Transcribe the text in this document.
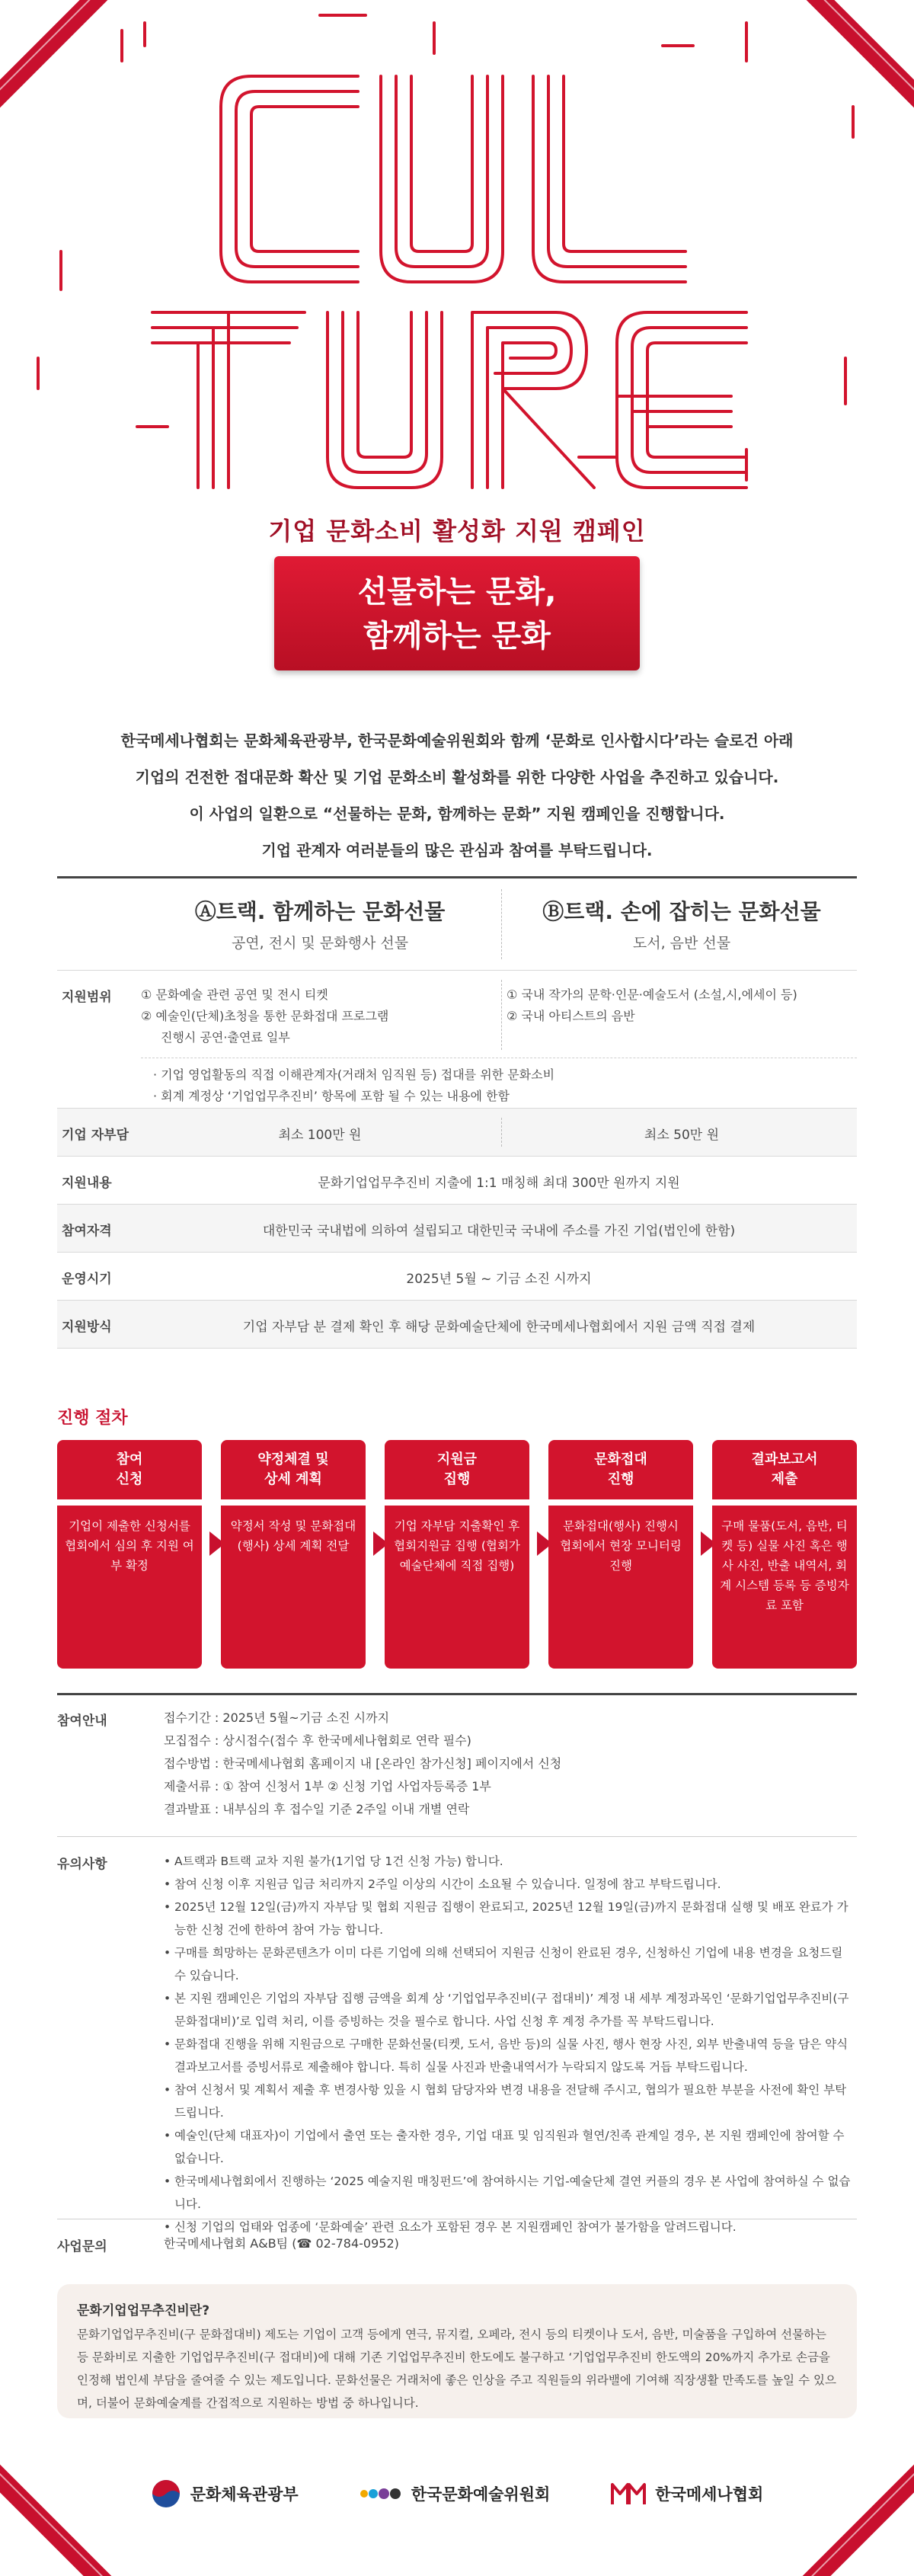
기업 문화소비 활성화 지원 캠페인
선물하는 문화,
함께하는 문화
한국메세나협회는 문화체육관광부, 한국문화예술위원회와 함께 ‘문화로 인사합시다’라는 슬로건 아래
기업의 건전한 접대문화 확산 및 기업 문화소비 활성화를 위한 다양한 사업을 추진하고 있습니다.
이 사업의 일환으로 “선물하는 문화, 함께하는 문화” 지원 캠페인을 진행합니다.
기업 관계자 여러분들의 많은 관심과 참여를 부탁드립니다.
Ⓐ트랙. 함께하는 문화선물
공연, 전시 및 문화행사 선물
Ⓑ트랙. 손에 잡히는 문화선물
도서, 음반 선물
지원범위	① 문화예술 관련 공연 및 전시 티켓
② 예술인(단체)초청을 통한 문화접대 프로그램
진행시 공연·출연료 일부
① 국내 작가의 문학·인문·예술도서 (소설,시,에세이 등)
② 국내 아티스트의 음반
· 기업 영업활동의 직접 이해관계자(거래처 임직원 등) 접대를 위한 문화소비
· 회계 계정상 ‘기업업무추진비’ 항목에 포함 될 수 있는 내용에 한함
기업 자부담	최소 100만 원	최소 50만 원
지원내용	문화기업업무추진비 지출에 1:1 매칭해 최대 300만 원까지 지원
참여자격	대한민국 국내법에 의하여 설립되고 대한민국 국내에 주소를 가진 기업(법인에 한함)
운영시기	2025년 5월 ~ 기금 소진 시까지
지원방식	기업 자부담 분 결제 확인 후 해당 문화예술단체에 한국메세나협회에서 지원 금액 직접 결제
진행 절차
참여
신청
기업이 제출한 신청서를 협회에서 심의 후 지원 여부 확정
약정체결 및
상세 계획
약정서 작성 및 문화접대(행사) 상세 계획 전달
지원금
집행
기업 자부담 지출확인 후 협회지원금 집행 (협회가 예술단체에 직접 집행)
문화접대
진행
문화접대(행사) 진행시 협회에서 현장 모니터링 진행
결과보고서
제출
구매 물품(도서, 음반, 티켓 등) 실물 사진 혹은 행사 사진, 반출 내역서, 회계 시스템 등록 등 증빙자료 포함
참여안내	접수기간 : 2025년 5월~기금 소진 시까지
모집접수 : 상시접수(접수 후 한국메세나협회로 연락 필수)
접수방법 : 한국메세나협회 홈페이지 내 [온라인 참가신청] 페이지에서 신청
제출서류 : ① 참여 신청서 1부 ② 신청 기업 사업자등록증 1부
결과발표 : 내부심의 후 접수일 기준 2주일 이내 개별 연락
유의사항
•	A트랙과 B트랙 교차 지원 불가(1기업 당 1건 신청 가능) 합니다.
• 참여 신청 이후 지원금 입금 처리까지 2주일 이상의 시간이 소요될 수 있습니다. 일정에 참고 부탁드립니다.
• 2025년 12월 12일(금)까지 자부담 및 협회 지원금 집행이 완료되고, 2025년 12월 19일(금)까지 문화접대 실행 및 배포 완료가 가능한 신청 건에 한하여 참여 가능 합니다.
• 구매를 희망하는 문화콘텐츠가 이미 다른 기업에 의해 선택되어 지원금 신청이 완료된 경우, 신청하신 기업에 내용 변경을 요청드릴 수 있습니다.
• 본 지원 캠페인은 기업의 자부담 집행 금액을 회계 상 ‘기업업무추진비(구 접대비)’ 계정 내 세부 계정과목인 ‘문화기업업무추진비(구 문화접대비)’로 입력 처리, 이를 증빙하는 것을 필수로 합니다. 사업 신청 후 계정 추가를 꼭 부탁드립니다.
• 문화접대 진행을 위해 지원금으로 구매한 문화선물(티켓, 도서, 음반 등)의 실물 사진, 행사 현장 사진, 외부 반출내역 등을 담은 약식 결과보고서를 증빙서류로 제출해야 합니다. 특히 실물 사진과 반출내역서가 누락되지 않도록 거듭 부탁드립니다.
• 참여 신청서 및 계획서 제출 후 변경사항 있을 시 협회 담당자와 변경 내용을 전달해 주시고, 협의가 필요한 부분을 사전에 확인 부탁드립니다.
• 예술인(단체 대표자)이 기업에서 출연 또는 출자한 경우, 기업 대표 및 임직원과 혈연/친족 관계일 경우, 본 지원 캠페인에 참여할 수 없습니다.
• 한국메세나협회에서 진행하는 ‘2025 예술지원 매칭펀드’에 참여하시는 기업-예술단체 결연 커플의 경우 본 사업에 참여하실 수 없습니다.
• 신청 기업의 업태와 업종에 ‘문화예술’ 관련 요소가 포함된 경우 본 지원캠페인 참여가 불가함을 알려드립니다.
사업문의	한국메세나협회 A&B팀 (☎ 02-784-0952)
문화기업업무추진비란?
문화기업업무추진비(구 문화접대비) 제도는 기업이 고객 등에게 연극, 뮤지컬, 오페라, 전시 등의 티켓이나 도서, 음반, 미술품을 구입하여 선물하는 등 문화비로 지출한 기업업무추진비(구 접대비)에 대해 기존 기업업무추진비 한도에도 불구하고 ‘기업업무추진비 한도액의 20%까지 추가로 손금을 인정해 법인세 부담을 줄여줄 수 있는 제도입니다. 문화선물은 거래처에 좋은 인상을 주고 직원들의 위라밸에 기여해 직장생활 만족도를 높일 수 있으며, 더불어 문화예술계를 간접적으로 지원하는 방법 중 하나입니다.
문화체육관광부	한국문화예술위원회	한국메세나협회
